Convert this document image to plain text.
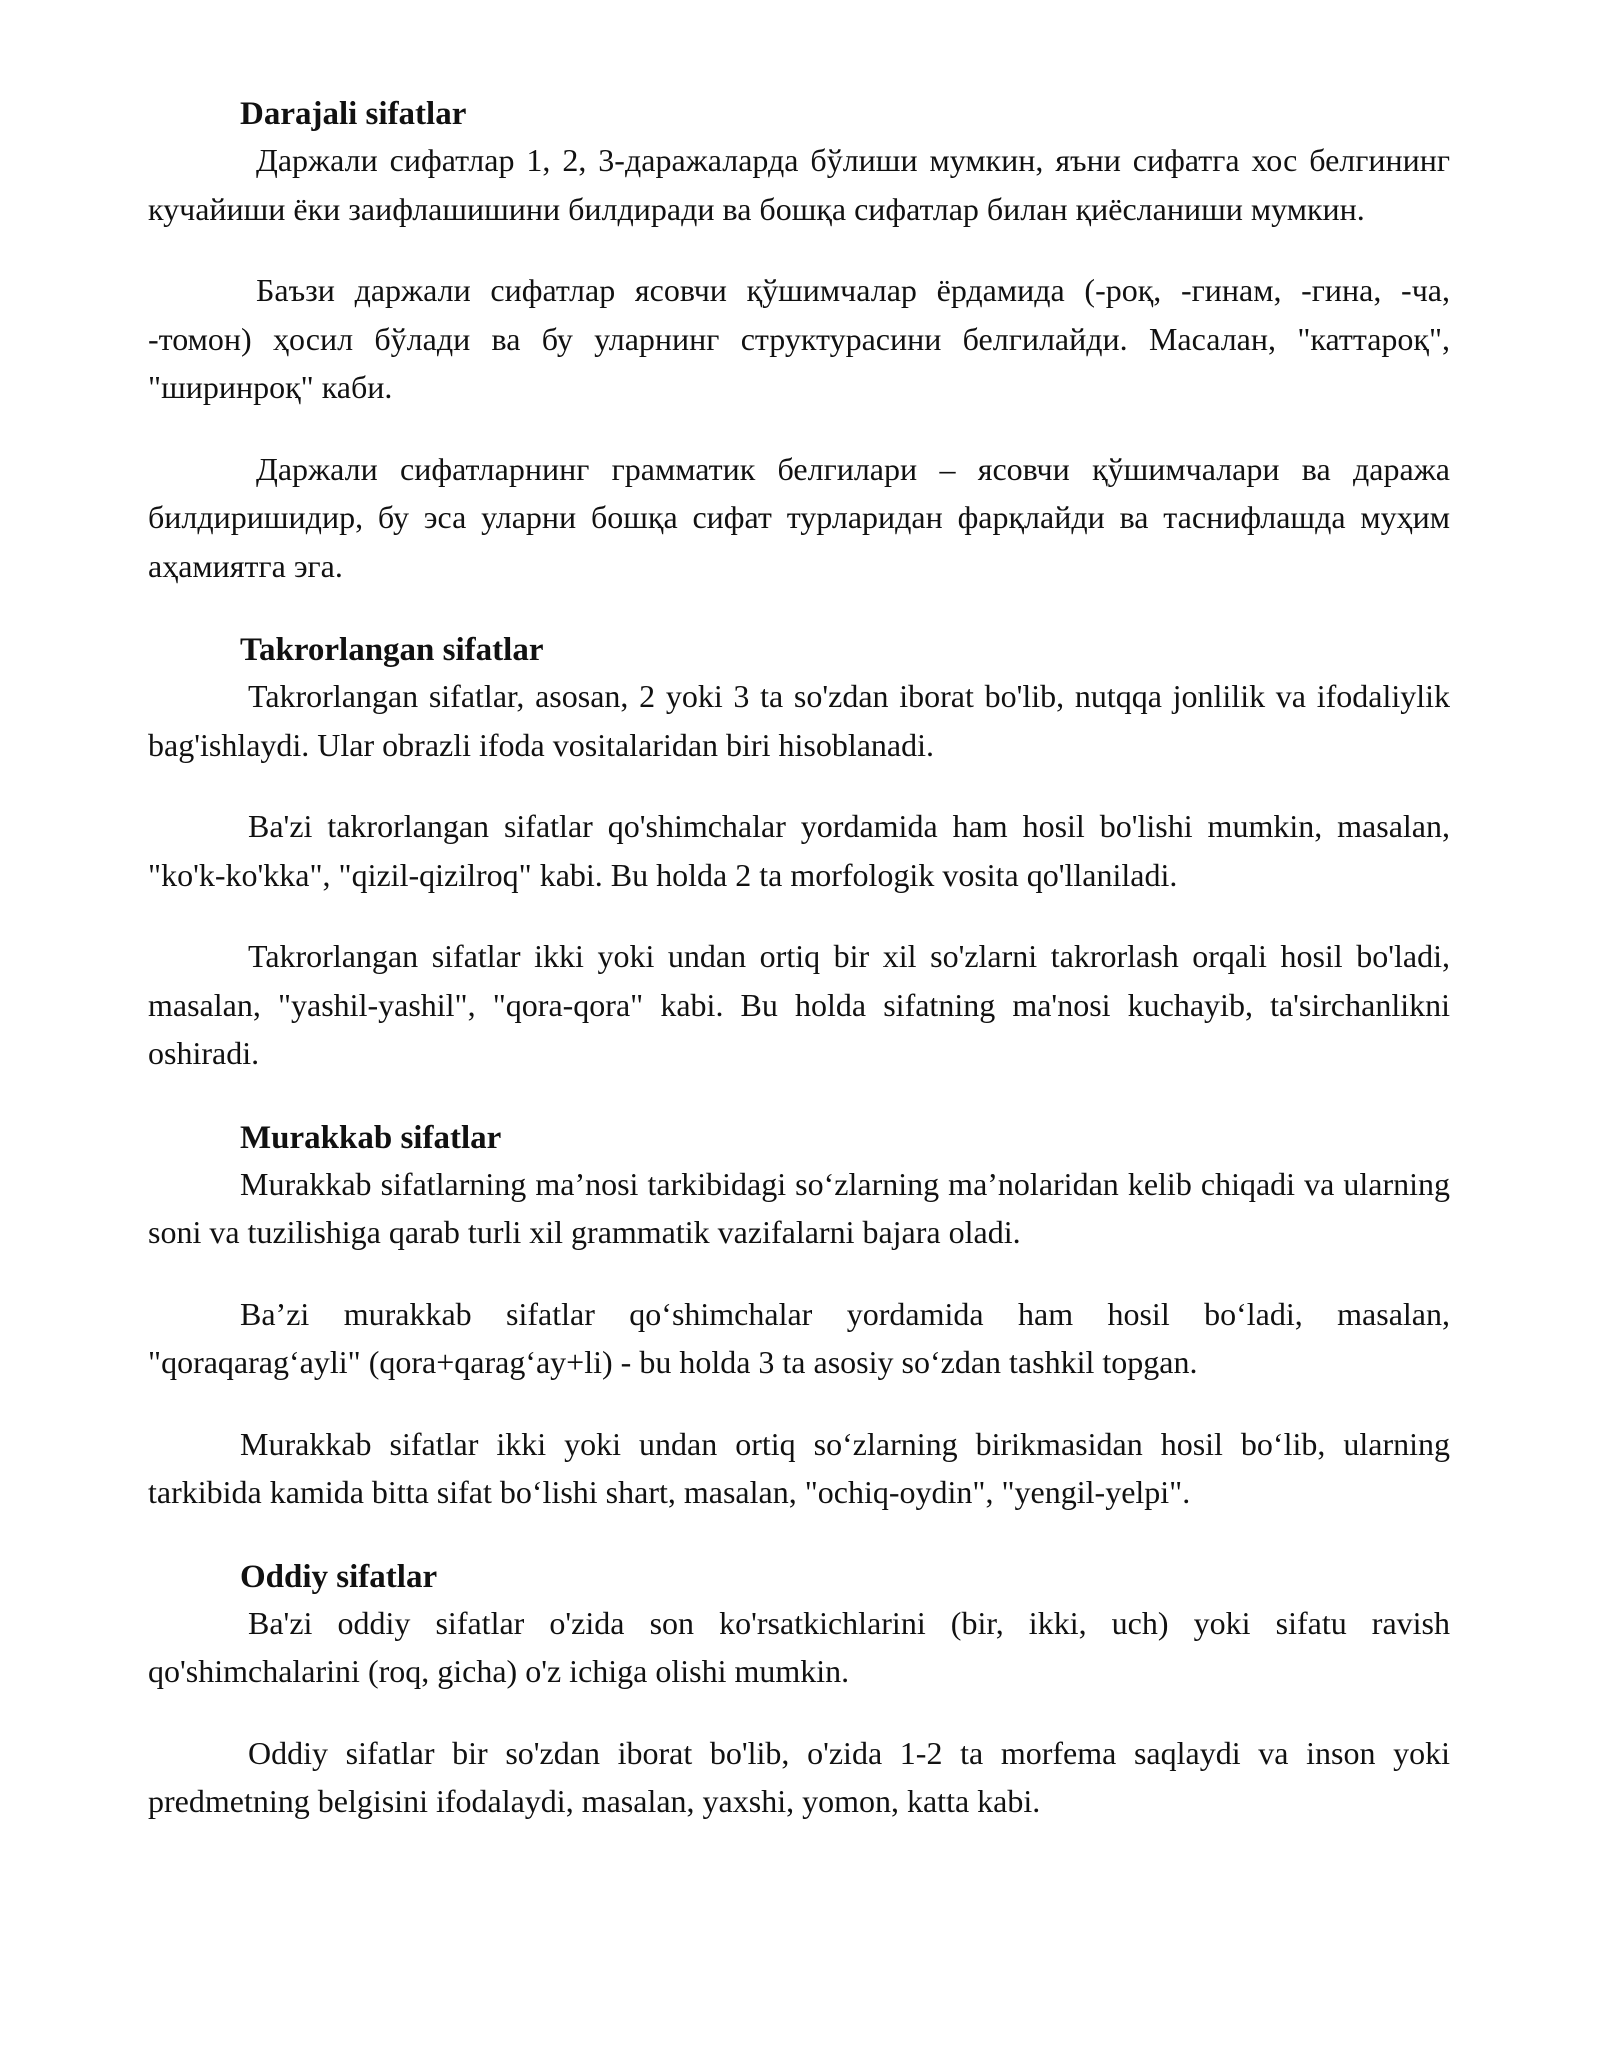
Darajali sifatlar

Даржали сифатлар 1, 2, 3-даражаларда бўлиши мумкин, яъни сифатга хос белгининг кучайиши ёки заифлашишини билдиради ва бошқа сифатлар билан қиёсланиши мумкин.

Баъзи даржали сифатлар ясовчи қўшимчалар ёрдамида (-роқ, -гинам, -гина, -ча, -томон) ҳосил бўлади ва бу уларнинг структурасини белгилайди. Масалан, "каттароқ", "ширинроқ" каби.

Даржали сифатларнинг грамматик белгилари – ясовчи қўшимчалари ва даража билдиришидир, бу эса уларни бошқа сифат турларидан фарқлайди ва таснифлашда муҳим аҳамиятга эга.

Takrorlangan sifatlar

Takrorlangan sifatlar, asosan, 2 yoki 3 ta so'zdan iborat bo'lib, nutqqa jonlilik va ifodaliylik bag'ishlaydi. Ular obrazli ifoda vositalaridan biri hisoblanadi.

Ba'zi takrorlangan sifatlar qo'shimchalar yordamida ham hosil bo'lishi mumkin, masalan, "ko'k-ko'kka", "qizil-qizilroq" kabi. Bu holda 2 ta morfologik vosita qo'llaniladi.

Takrorlangan sifatlar ikki yoki undan ortiq bir xil so'zlarni takrorlash orqali hosil bo'ladi, masalan, "yashil-yashil", "qora-qora" kabi. Bu holda sifatning ma'nosi kuchayib, ta'sirchanlikni oshiradi.

Murakkab sifatlar

Murakkab sifatlarning ma’nosi tarkibidagi so‘zlarning ma’nolaridan kelib chiqadi va ularning soni va tuzilishiga qarab turli xil grammatik vazifalarni bajara oladi.

Ba’zi murakkab sifatlar qo‘shimchalar yordamida ham hosil bo‘ladi, masalan, "qoraqarag‘ayli" (qora+qarag‘ay+li) - bu holda 3 ta asosiy so‘zdan tashkil topgan.

Murakkab sifatlar ikki yoki undan ortiq so‘zlarning birikmasidan hosil bo‘lib, ularning tarkibida kamida bitta sifat bo‘lishi shart, masalan, "ochiq-oydin", "yengil-yelpi".

Oddiy sifatlar

Ba'zi oddiy sifatlar o'zida son ko'rsatkichlarini (bir, ikki, uch) yoki sifatu ravish qo'shimchalarini (roq, gicha) o'z ichiga olishi mumkin.

Oddiy sifatlar bir so'zdan iborat bo'lib, o'zida 1-2 ta morfema saqlaydi va inson yoki predmetning belgisini ifodalaydi, masalan, yaxshi, yomon, katta kabi.
